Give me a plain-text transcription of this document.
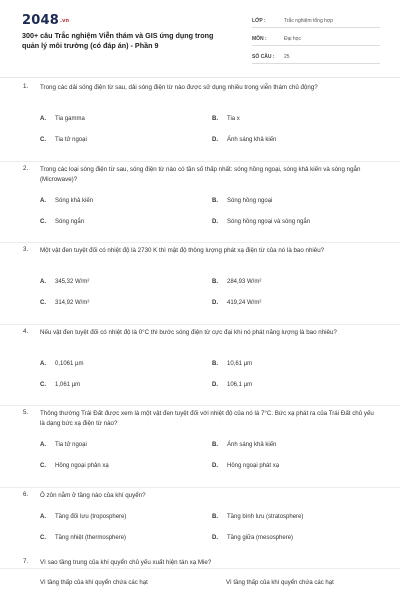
$2048^{.vn}$
300+ câu Trắc nghiệm Viễn thám và GIS ứng dụng trong quản lý môi trường (có đáp án) - Phần 9
LỚP :	Trắc nghiệm tổng hợp
MÔN :	Đại học
SỐ CÂU :	25
1. Trong các dải sóng điện từ sau, dải sóng điện từ nào được sử dụng nhiều trong viễn thám chủ động?
A. Tia gamma	B. Tia x
C. Tia tử ngoại	D. Ánh sáng khả kiến
2. Trong các loại sóng điện từ sau, sóng điện từ nào có tần số thấp nhất: sóng hồng ngoại, sóng khả kiến và sóng ngắn (Microwave)?
A. Sóng khả kiến	B. Sóng hồng ngoại
C. Sóng ngắn	D. Sóng hồng ngoại và sóng ngắn
3. Một vật đen tuyệt đối có nhiệt độ là 2730 K thì mật độ thông lượng phát xạ điện từ của nó là bao nhiêu?
A. 345,32 W/m²	B. 284,93 W/m²
C. 314,92 W/m²	D. 419,24 W/m²
4. Nếu vật đen tuyệt đối có nhiệt độ là 0°C thì bước sóng điện từ cực đại khi nó phát năng lượng là bao nhiêu?
A. 0,1061 µm	B. 10,61 µm
C. 1,061 µm	D. 106,1 µm
5. Thông thường Trái Đất được xem là một vật đen tuyệt đối với nhiệt độ của nó là 7°C. Bức xạ phát ra của Trái Đất chủ yếu là dạng bức xạ điện từ nào?
A. Tia tử ngoại	B. Ánh sáng khả kiến
C. Hồng ngoại phản xạ	D. Hồng ngoại phát xạ
6. Ô zôn nằm ở tầng nào của khí quyển?
A. Tầng đối lưu (troposphere)	B. Tầng bình lưu (stratosphere)
C. Tầng nhiệt (thermosphere)	D. Tầng giữa (mesosphere)
7. Vì sao tầng trung của khí quyển chủ yếu xuất hiện tán xạ Mie?
Vì tầng thấp của khí quyển chứa các hạt	Vì tầng thấp của khí quyển chứa các hạt
